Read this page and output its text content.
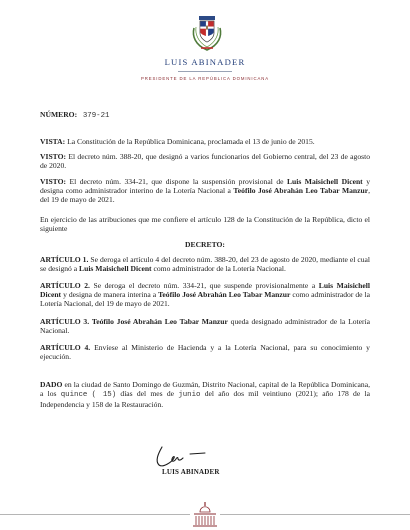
LUIS ABINADER
PRESIDENTE DE LA REPÚBLICA DOMINICANA
NÚMERO: 379-21
VISTA: La Constitución de la República Dominicana, proclamada el 13 de junio de 2015.
VISTO: El decreto núm. 388-20, que designó a varios funcionarios del Gobierno central, del 23 de agosto de 2020.
VISTO: El decreto núm. 334-21, que dispone la suspensión provisional de Luis Maisichell Dicent y designa como administrador interino de la Lotería Nacional a Teófilo José Abrahán Leo Tabar Manzur, del 19 de mayo de 2021.
En ejercicio de las atribuciones que me confiere el artículo 128 de la Constitución de la República, dicto el siguiente
DECRETO:
ARTÍCULO 1. Se deroga el artículo 4 del decreto núm. 388-20, del 23 de agosto de 2020, mediante el cual se designó a Luis Maisichell Dicent como administrador de la Lotería Nacional.
ARTÍCULO 2. Se deroga el decreto núm. 334-21, que suspende provisionalmente a Luis Maisichell Dicent y designa de manera interina a Teófilo José Abrahán Leo Tabar Manzur como administrador de la Lotería Nacional, del 19 de mayo de 2021.
ARTÍCULO 3. Teófilo José Abrahán Leo Tabar Manzur queda designado administrador de la Lotería Nacional.
ARTÍCULO 4. Envíese al Ministerio de Hacienda y a la Lotería Nacional, para su conocimiento y ejecución.
DADO en la ciudad de Santo Domingo de Guzmán, Distrito Nacional, capital de la República Dominicana, a los quince ( 15) días del mes de junio del año dos mil veintiuno (2021); año 178 de la Independencia y 158 de la Restauración.
LUIS ABINADER
